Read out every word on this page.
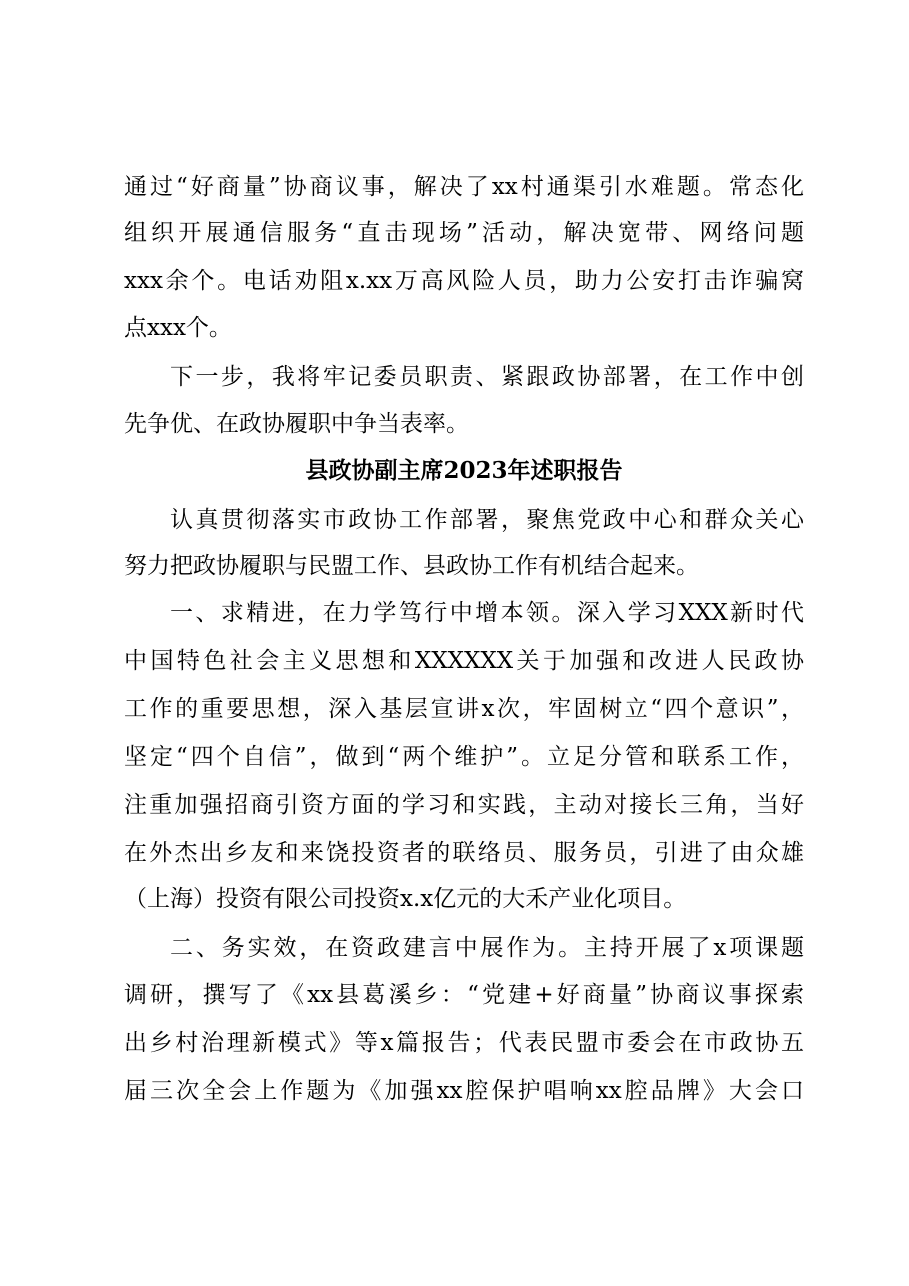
通过“好商量”协商议事，解决了xx村通渠引水难题。常态化
组织开展通信服务“直击现场”活动，解决宽带、网络问题
xxx余个。电话劝阻x.xx万高风险人员，助力公安打击诈骗窝
点xxx个。
下一步，我将牢记委员职责、紧跟政协部署，在工作中创
先争优、在政协履职中争当表率。
县政协副主席2023年述职报告
认真贯彻落实市政协工作部署，聚焦党政中心和群众关心
努力把政协履职与民盟工作、县政协工作有机结合起来。
一、求精进，在力学笃行中增本领。深入学习XXX新时代
中国特色社会主义思想和XXXXXX关于加强和改进人民政协
工作的重要思想，深入基层宣讲x次，牢固树立“四个意识”，
坚定“四个自信”，做到“两个维护”。立足分管和联系工作，
注重加强招商引资方面的学习和实践，主动对接长三角，当好
在外杰出乡友和来饶投资者的联络员、服务员，引进了由众雄
（上海）投资有限公司投资x.x亿元的大禾产业化项目。
二、务实效，在资政建言中展作为。主持开展了x项课题
调研，撰写了《xx县葛溪乡：“党建+好商量”协商议事探索
出乡村治理新模式》等x篇报告；代表民盟市委会在市政协五
届三次全会上作题为《加强xx腔保护唱响xx腔品牌》大会口
